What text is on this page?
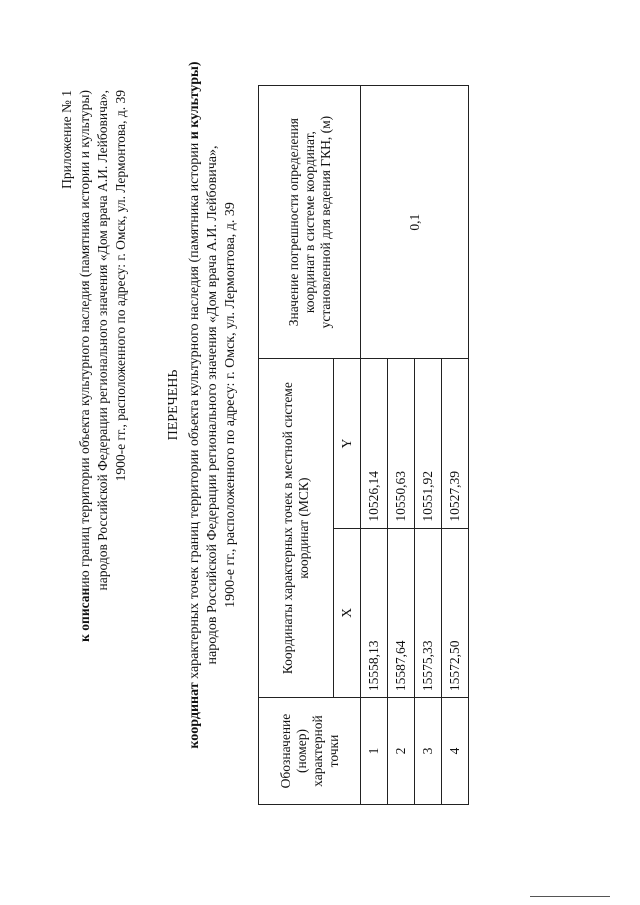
Приложение № 1
к описанию границ территории объекта культурного наследия (памятника истории и культуры) народов Российской Федерации регионального значения «Дом врача А.И. Лейбовича», 1900-е гг., расположенного по адресу: г. Омск, ул. Лермонтова, д. 39	ПЕРЕЧЕНЬ
координат характерных точек границ территории объекта культурного наследия (памятника истории и культуры)
народов Российской Федерации регионального значения «Дом врача А.И. Лейбовича», 1900-е гг., расположенного по адресу: г. Омск, ул. Лермонтова, д. 39
Обозначение (номер) характерной точки	Координаты характерных точек в местной системе координат (МСК)		Значение погрешности определения координат в системе координат, установленной для ведения ГКН, (м)
	X	Y	
1	15558,13	10526,14	0,1
2	15587,64	10550,63	
3	15575,33	10551,92	
4	15572,50	10527,39	
